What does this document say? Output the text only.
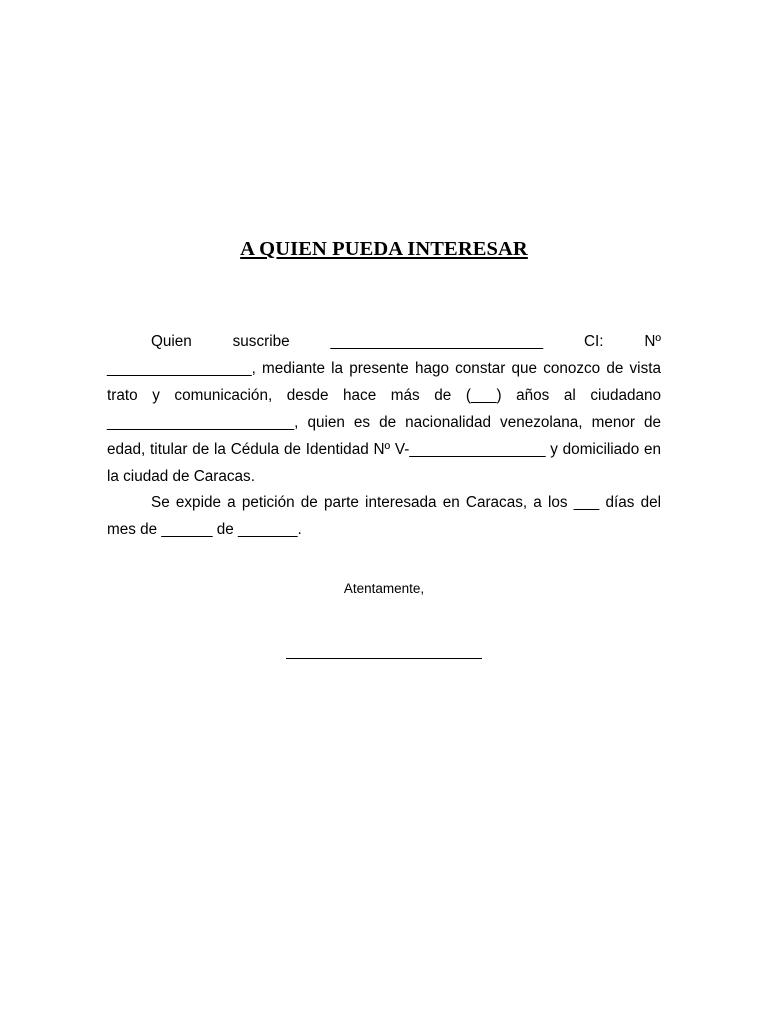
A QUIEN PUEDA INTERESAR

Quien suscribe _________________________ CI: Nº _________________, mediante la presente hago constar que conozco de vista trato y comunicación, desde hace más de (___) años al ciudadano ______________________, quien es de nacionalidad venezolana, menor de edad, titular de la Cédula de Identidad Nº V-________________ y domiciliado en la ciudad de Caracas.

Se expide a petición de parte interesada en Caracas, a los ___ días del mes de ______ de _______.

Atentamente,
